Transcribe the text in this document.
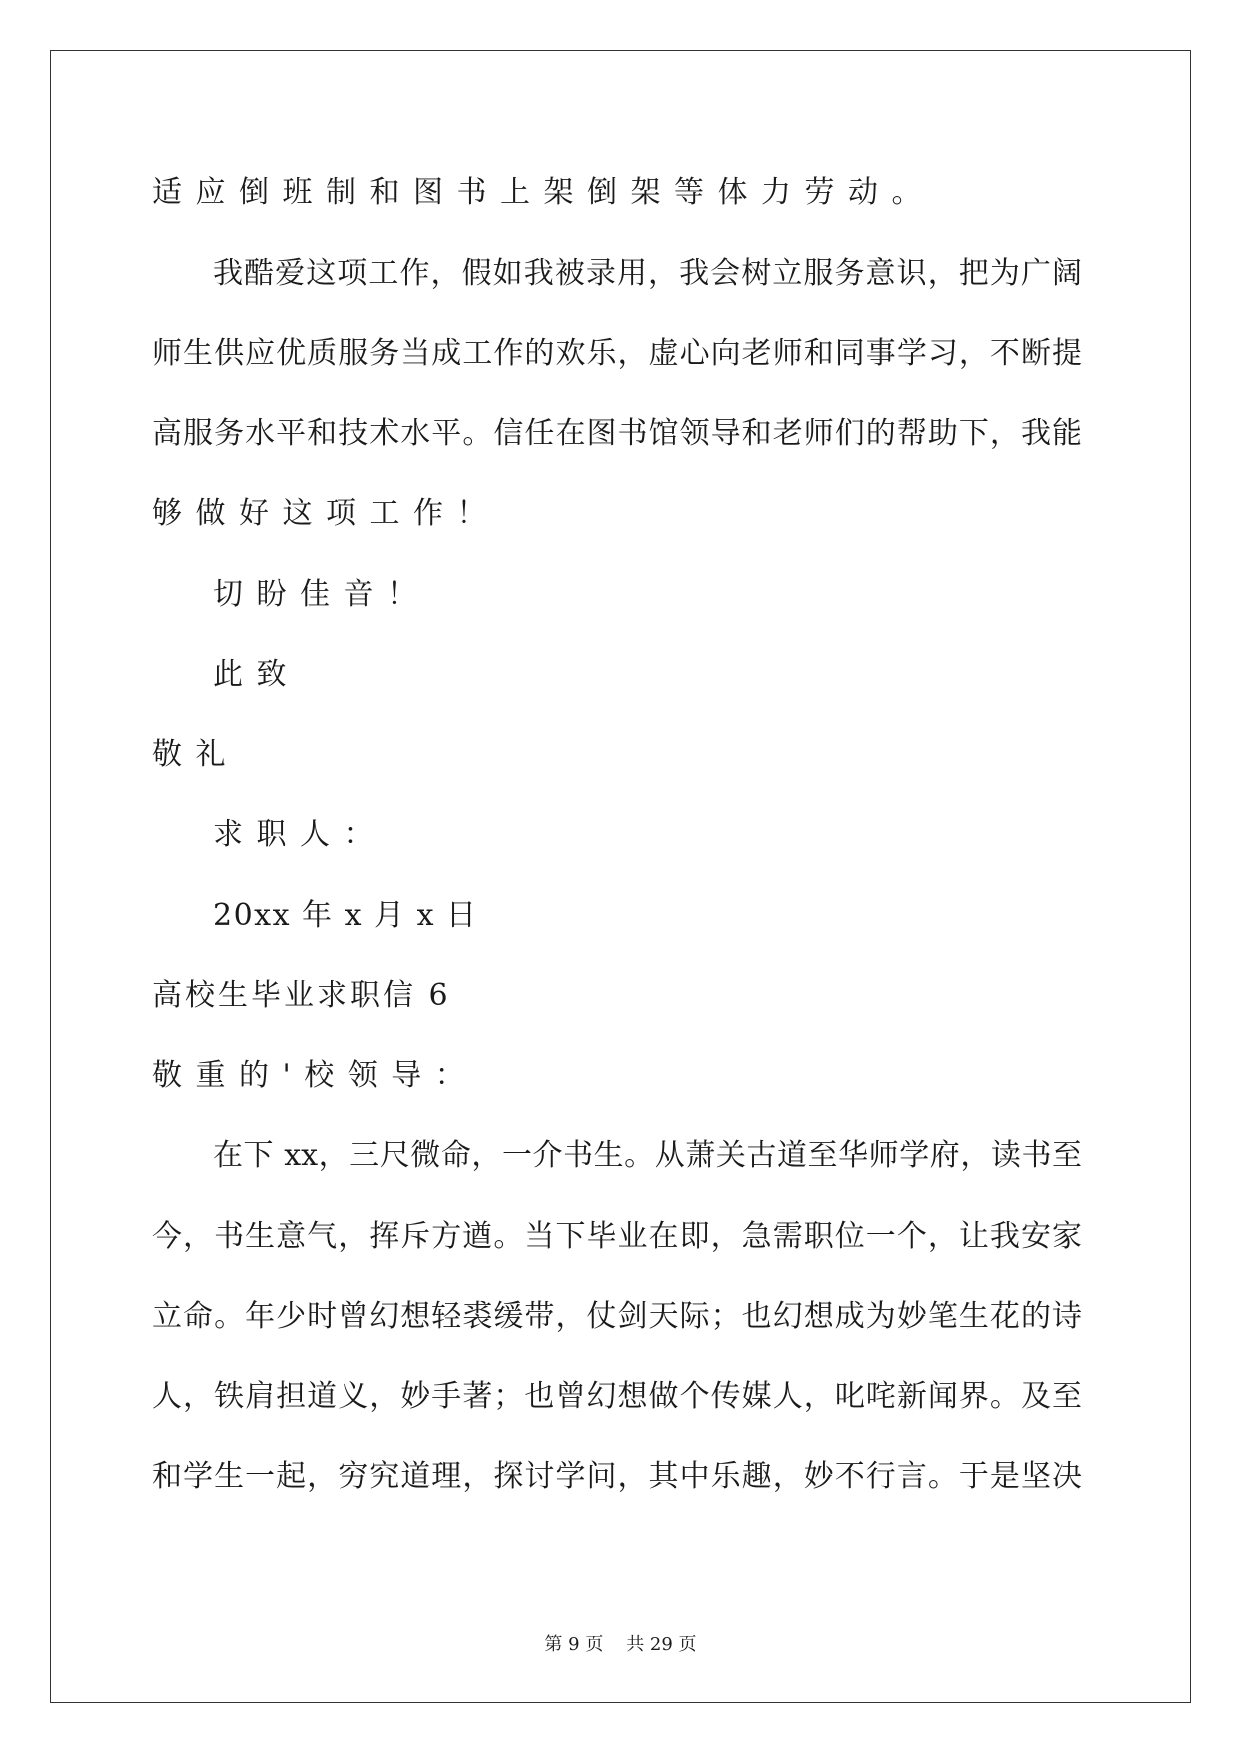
适应倒班制和图书上架倒架等体力劳动。
我酷爱这项工作，假如我被录用，我会树立服务意识，把为广阔
师生供应优质服务当成工作的欢乐，虚心向老师和同事学习，不断提
高服务水平和技术水平。信任在图书馆领导和老师们的帮助下，我能
够做好这项工作！
切盼佳音！
此致
敬礼
求职人：
20xx 年 x 月 x 日
高校生毕业求职信 6
敬重的'校领导：
在下 xx，三尺微命，一介书生。从萧关古道至华师学府，读书至
今，书生意气，挥斥方遒。当下毕业在即，急需职位一个，让我安家
立命。年少时曾幻想轻裘缓带，仗剑天际；也幻想成为妙笔生花的诗
人，铁肩担道义，妙手著；也曾幻想做个传媒人，叱咤新闻界。及至
和学生一起，穷究道理，探讨学问，其中乐趣，妙不行言。于是坚决
第 9 页    共 29 页
